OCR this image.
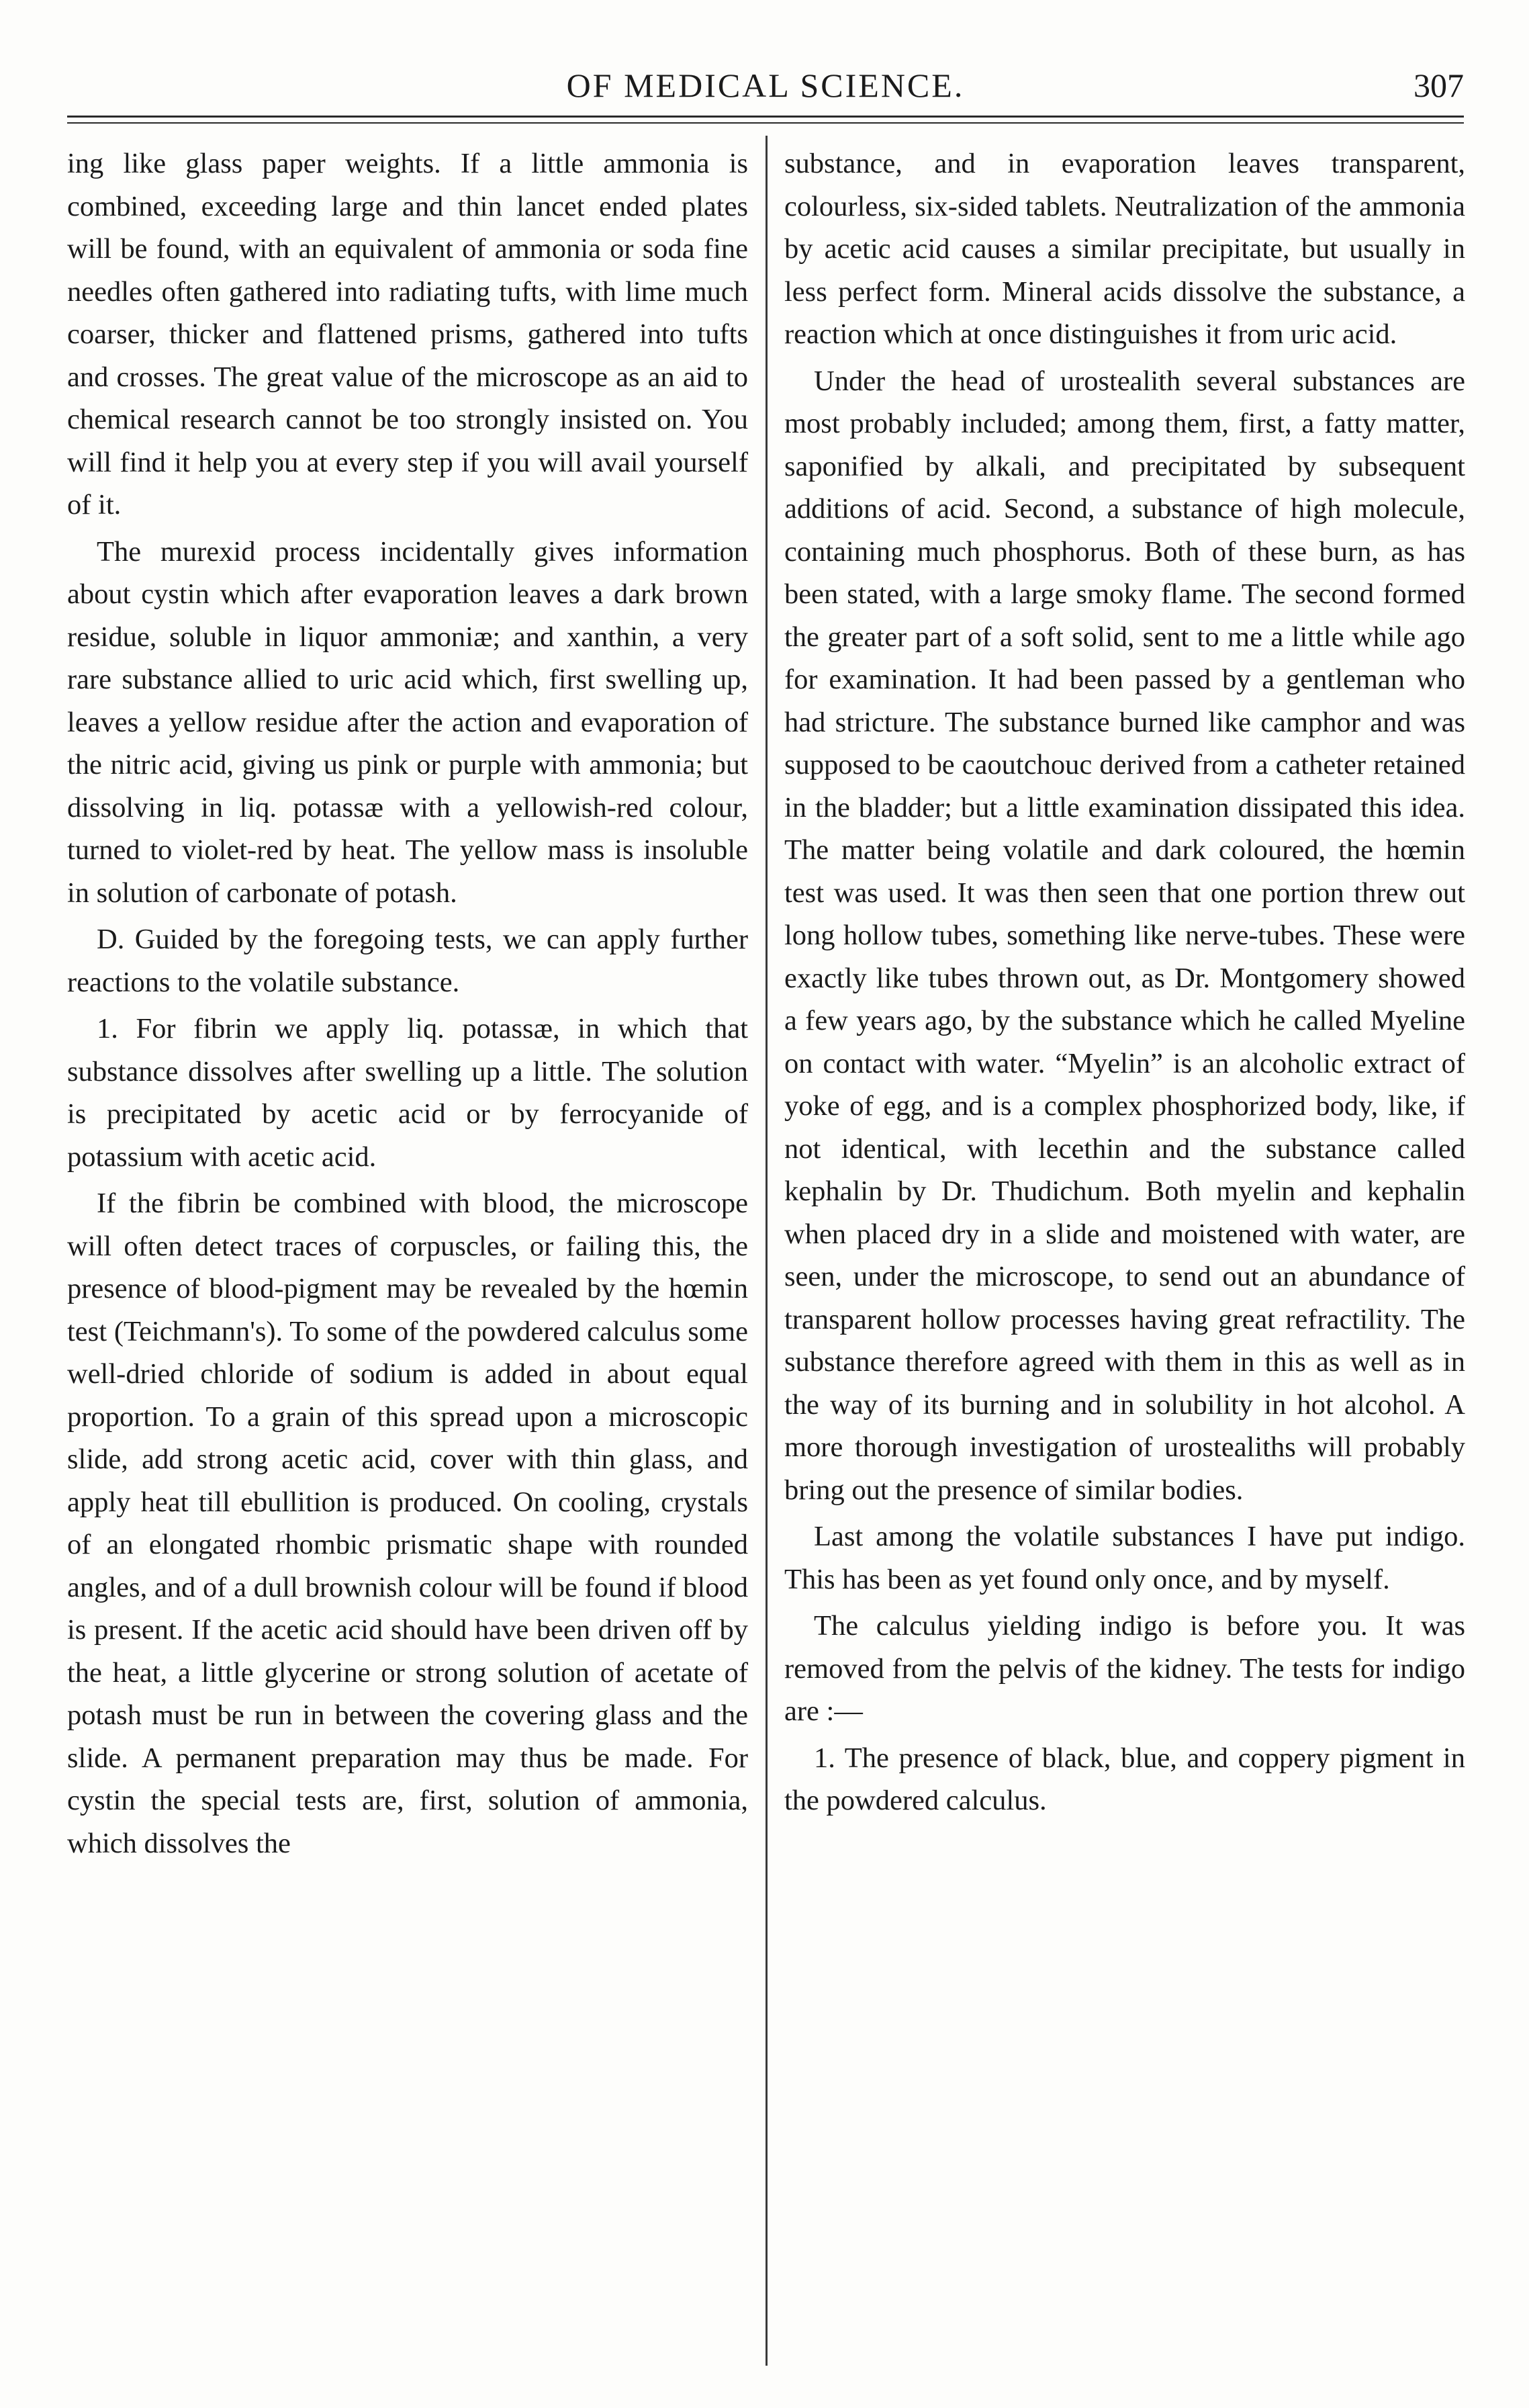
OF MEDICAL SCIENCE.	307

ing like glass paper weights. If a little ammonia is combined, exceeding large and thin lancet ended plates will be found, with an equivalent of ammonia or soda fine needles often gathered into radiating tufts, with lime much coarser, thicker and flattened prisms, gathered into tufts and crosses. The great value of the microscope as an aid to chemical research cannot be too strongly insisted on. You will find it help you at every step if you will avail yourself of it.

The murexid process incidentally gives information about cystin which after evaporation leaves a dark brown residue, soluble in liquor ammoniæ; and xanthin, a very rare substance allied to uric acid which, first swelling up, leaves a yellow residue after the action and evaporation of the nitric acid, giving us pink or purple with ammonia; but dissolving in liq. potassæ with a yellowish-red colour, turned to violet-red by heat. The yellow mass is insoluble in solution of carbonate of potash.

D. Guided by the foregoing tests, we can apply further reactions to the volatile substance.

1. For fibrin we apply liq. potassæ, in which that substance dissolves after swelling up a little. The solution is precipitated by acetic acid or by ferrocyanide of potassium with acetic acid.

If the fibrin be combined with blood, the microscope will often detect traces of corpuscles, or failing this, the presence of blood-pigment may be revealed by the hœmin test (Teichmann's). To some of the powdered calculus some well-dried chloride of sodium is added in about equal proportion. To a grain of this spread upon a microscopic slide, add strong acetic acid, cover with thin glass, and apply heat till ebullition is produced. On cooling, crystals of an elongated rhombic prismatic shape with rounded angles, and of a dull brownish colour will be found if blood is present. If the acetic acid should have been driven off by the heat, a little glycerine or strong solution of acetate of potash must be run in between the covering glass and the slide. A permanent preparation may thus be made. For cystin the special tests are, first, solution of ammonia, which dissolves the

substance, and in evaporation leaves transparent, colourless, six-sided tablets. Neutralization of the ammonia by acetic acid causes a similar precipitate, but usually in less perfect form. Mineral acids dissolve the substance, a reaction which at once distinguishes it from uric acid.

Under the head of urostealith several substances are most probably included; among them, first, a fatty matter, saponified by alkali, and precipitated by subsequent additions of acid. Second, a substance of high molecule, containing much phosphorus. Both of these burn, as has been stated, with a large smoky flame. The second formed the greater part of a soft solid, sent to me a little while ago for examination. It had been passed by a gentleman who had stricture. The substance burned like camphor and was supposed to be caoutchouc derived from a catheter retained in the bladder; but a little examination dissipated this idea. The matter being volatile and dark coloured, the hœmin test was used. It was then seen that one portion threw out long hollow tubes, something like nerve-tubes. These were exactly like tubes thrown out, as Dr. Montgomery showed a few years ago, by the substance which he called Myeline on contact with water. “Myelin” is an alcoholic extract of yoke of egg, and is a complex phosphorized body, like, if not identical, with lecethin and the substance called kephalin by Dr. Thudichum. Both myelin and kephalin when placed dry in a slide and moistened with water, are seen, under the microscope, to send out an abundance of transparent hollow processes having great refractility. The substance therefore agreed with them in this as well as in the way of its burning and in solubility in hot alcohol. A more thorough investigation of urostealiths will probably bring out the presence of similar bodies.

Last among the volatile substances I have put indigo. This has been as yet found only once, and by myself.

The calculus yielding indigo is before you. It was removed from the pelvis of the kidney. The tests for indigo are :—

1. The presence of black, blue, and coppery pigment in the powdered calculus.
